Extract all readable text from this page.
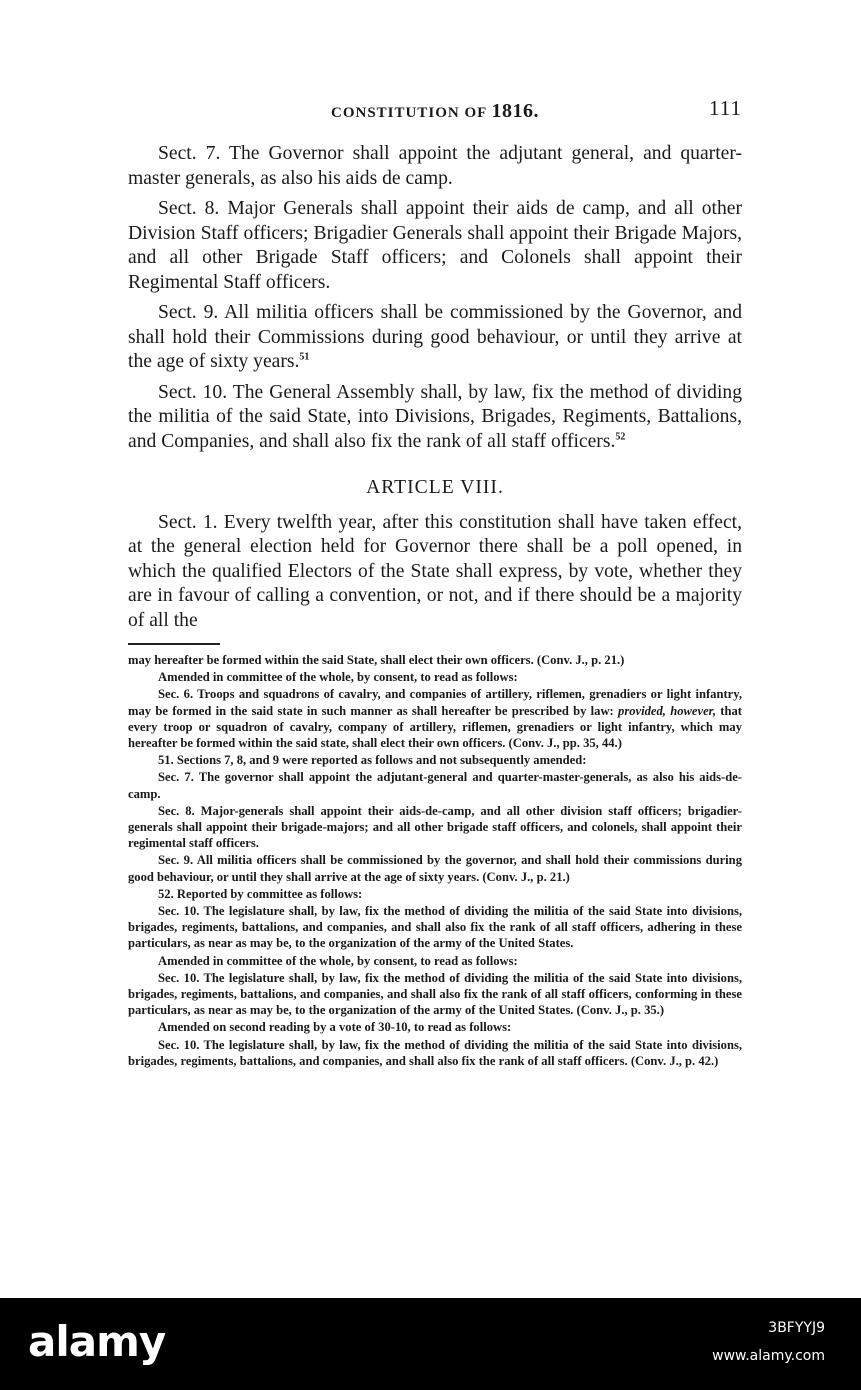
CONSTITUTION OF 1816.	111

Sect. 7. The Governor shall appoint the adjutant general, and quarter-master generals, as also his aids de camp.

Sect. 8. Major Generals shall appoint their aids de camp, and all other Division Staff officers; Brigadier Generals shall appoint their Brigade Majors, and all other Brigade Staff officers; and Colonels shall appoint their Regimental Staff officers.

Sect. 9. All militia officers shall be commissioned by the Governor, and shall hold their Commissions during good behaviour, or until they arrive at the age of sixty years.$^{51}$

Sect. 10. The General Assembly shall, by law, fix the method of dividing the militia of the said State, into Divisions, Brigades, Regiments, Battalions, and Companies, and shall also fix the rank of all staff officers.$^{52}$

ARTICLE VIII.

Sect. 1. Every twelfth year, after this constitution shall have taken effect, at the general election held for Governor there shall be a poll opened, in which the qualified Electors of the State shall express, by vote, whether they are in favour of calling a convention, or not, and if there should be a majority of all the

may hereafter be formed within the said State, shall elect their own officers. (Conv. J., p. 21.)

Amended in committee of the whole, by consent, to read as follows:

Sec. 6. Troops and squadrons of cavalry, and companies of artillery, riflemen, grenadiers or light infantry, may be formed in the said state in such manner as shall hereafter be prescribed by law: provided, however, that every troop or squadron of cavalry, company of artillery, riflemen, grenadiers or light infantry, which may hereafter be formed within the said state, shall elect their own officers. (Conv. J., pp. 35, 44.)

51. Sections 7, 8, and 9 were reported as follows and not subsequently amended:

Sec. 7. The governor shall appoint the adjutant-general and quarter-master-generals, as also his aids-de-camp.

Sec. 8. Major-generals shall appoint their aids-de-camp, and all other division staff officers; brigadier-generals shall appoint their brigade-majors; and all other brigade staff officers, and colonels, shall appoint their regimental staff officers.

Sec. 9. All militia officers shall be commissioned by the governor, and shall hold their commissions during good behaviour, or until they shall arrive at the age of sixty years. (Conv. J., p. 21.)

52. Reported by committee as follows:

Sec. 10. The legislature shall, by law, fix the method of dividing the militia of the said State into divisions, brigades, regiments, battalions, and companies, and shall also fix the rank of all staff officers, adhering in these particulars, as near as may be, to the organization of the army of the United States.

Amended in committee of the whole, by consent, to read as follows:

Sec. 10. The legislature shall, by law, fix the method of dividing the militia of the said State into divisions, brigades, regiments, battalions, and companies, and shall also fix the rank of all staff officers, conforming in these particulars, as near as may be, to the organization of the army of the United States. (Conv. J., p. 35.)

Amended on second reading by a vote of 30-10, to read as follows:

Sec. 10. The legislature shall, by law, fix the method of dividing the militia of the said State into divisions, brigades, regiments, battalions, and companies, and shall also fix the rank of all staff officers. (Conv. J., p. 42.)

alamy	3BFYYJ9
www.alamy.com
